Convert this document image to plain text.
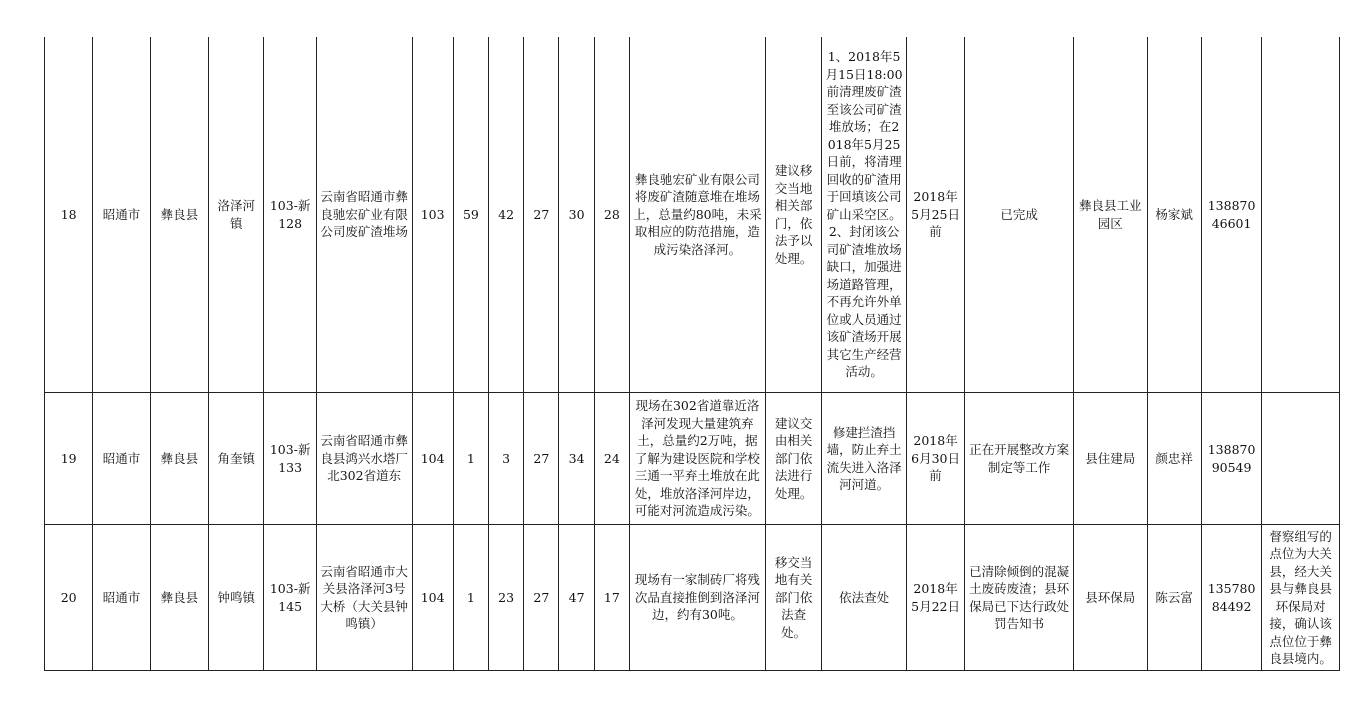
18	昭通市	彝良县	洛泽河镇	103-新128	云南省昭通市彝良驰宏矿业有限公司废矿渣堆场	103	59	42	27	30	28	彝良驰宏矿业有限公司将废矿渣随意堆在堆场上，总量约80吨，未采取相应的防范措施，造成污染洛泽河。	建议移交当地相关部门，依法予以处理。	1、2018年5月15日18:00前清理废矿渣至该公司矿渣堆放场；在2018年5月25日前，将清理回收的矿渣用于回填该公司矿山采空区。2、封闭该公司矿渣堆放场缺口，加强进场道路管理，不再允许外单位或人员通过该矿渣场开展其它生产经营活动。	2018年5月25日前	已完成	彝良县工业园区	杨家斌	13887046601	
19	昭通市	彝良县	角奎镇	103-新133	云南省昭通市彝良县鸿兴水塔厂北302省道东	104	1	3	27	34	24	现场在302省道靠近洛泽河发现大量建筑弃土，总量约2万吨，据了解为建设医院和学校三通一平弃土堆放在此处，堆放洛泽河岸边，可能对河流造成污染。	建议交由相关部门依法进行处理。	修建拦渣挡墙，防止弃土流失进入洛泽河河道。	2018年6月30日前	正在开展整改方案制定等工作	县住建局	颜忠祥	13887090549	
20	昭通市	彝良县	钟鸣镇	103-新145	云南省昭通市大关县洛泽河3号大桥（大关县钟鸣镇）	104	1	23	27	47	17	现场有一家制砖厂将残次品直接推倒到洛泽河边，约有30吨。	移交当地有关部门依法查处。	依法查处	2018年5月22日	已清除倾倒的混凝土废砖废渣；县环保局已下达行政处罚告知书	县环保局	陈云富	13578084492	督察组写的点位为大关县，经大关县与彝良县环保局对接，确认该点位位于彝良县境内。
